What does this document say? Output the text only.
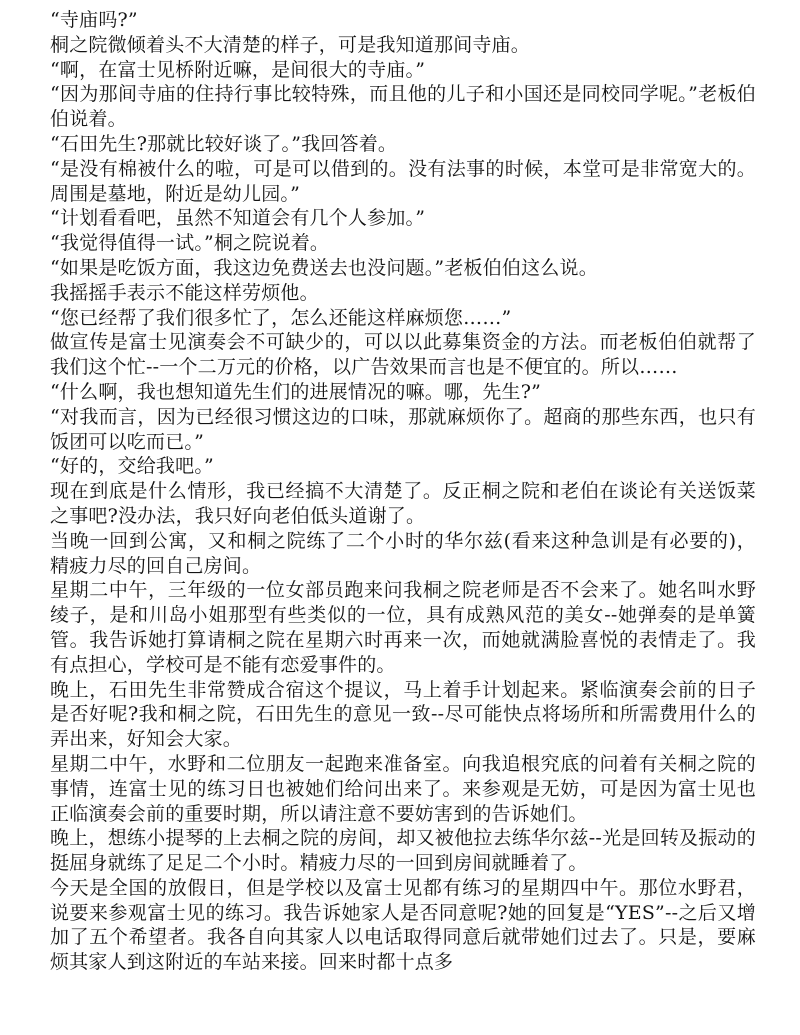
“寺庙吗?”

桐之院微倾着头不大清楚的样子，可是我知道那间寺庙。

“啊，在富士见桥附近嘛，是间很大的寺庙。”

“因为那间寺庙的住持行事比较特殊，而且他的儿子和小国还是同校同学呢。”老板伯伯说着。

“石田先生?那就比较好谈了。”我回答着。

“是没有棉被什么的啦，可是可以借到的。没有法事的时候，本堂可是非常宽大的。周围是墓地，附近是幼儿园。”

“计划看看吧，虽然不知道会有几个人参加。”

“我觉得值得一试。”桐之院说着。

“如果是吃饭方面，我这边免费送去也没问题。”老板伯伯这么说。

我摇摇手表示不能这样劳烦他。

“您已经帮了我们很多忙了，怎么还能这样麻烦您……”

做宣传是富士见演奏会不可缺少的，可以以此募集资金的方法。而老板伯伯就帮了我们这个忙--一个二万元的价格，以广告效果而言也是不便宜的。所以……

“什么啊，我也想知道先生们的进展情况的嘛。哪，先生?”

“对我而言，因为已经很习惯这边的口味，那就麻烦你了。超商的那些东西，也只有饭团可以吃而已。”

“好的，交给我吧。”

现在到底是什么情形，我已经搞不大清楚了。反正桐之院和老伯在谈论有关送饭菜之事吧?没办法，我只好向老伯低头道谢了。

当晚一回到公寓，又和桐之院练了二个小时的华尔兹(看来这种急训是有必要的)，精疲力尽的回自己房间。

星期二中午，三年级的一位女部员跑来问我桐之院老师是否不会来了。她名叫水野绫子，是和川岛小姐那型有些类似的一位，具有成熟风范的美女--她弹奏的是单簧管。我告诉她打算请桐之院在星期六时再来一次，而她就满脸喜悦的表情走了。我有点担心，学校可是不能有恋爱事件的。

晚上，石田先生非常赞成合宿这个提议，马上着手计划起来。紧临演奏会前的日子是否好呢?我和桐之院，石田先生的意见一致--尽可能快点将场所和所需费用什么的弄出来，好知会大家。

星期二中午，水野和二位朋友一起跑来准备室。向我追根究底的问着有关桐之院的事情，连富士见的练习日也被她们给问出来了。来参观是无妨，可是因为富士见也正临演奏会前的重要时期，所以请注意不要妨害到的告诉她们。

晚上，想练小提琴的上去桐之院的房间，却又被他拉去练华尔兹--光是回转及振动的挺屈身就练了足足二个小时。精疲力尽的一回到房间就睡着了。

今天是全国的放假日，但是学校以及富士见都有练习的星期四中午。那位水野君，说要来参观富士见的练习。我告诉她家人是否同意呢?她的回复是“YES”--之后又增加了五个希望者。我各自向其家人以电话取得同意后就带她们过去了。只是，要麻烦其家人到这附近的车站来接。回来时都十点多
